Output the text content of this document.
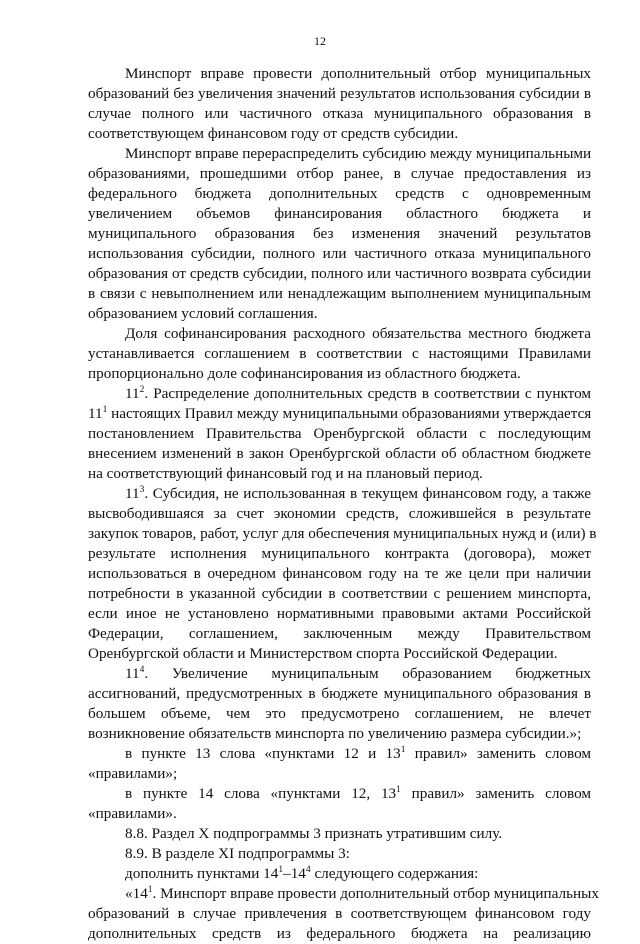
12
Минспорт вправе провести дополнительный отбор муниципальных
образований без увеличения значений результатов использования субсидии в
случае полного или частичного отказа муниципального образования в
соответствующем финансовом году от средств субсидии.
Минспорт вправе перераспределить субсидию между муниципальными
образованиями, прошедшими отбор ранее, в случае предоставления из
федерального бюджета дополнительных средств с одновременным
увеличением объемов финансирования областного бюджета и
муниципального образования без изменения значений результатов
использования субсидии, полного или частичного отказа муниципального
образования от средств субсидии, полного или частичного возврата субсидии
в связи с невыполнением или ненадлежащим выполнением муниципальным
образованием условий соглашения.
Доля софинансирования расходного обязательства местного бюджета
устанавливается соглашением в соответствии с настоящими Правилами
пропорционально доле софинансирования из областного бюджета.
$11^2$. Распределение дополнительных средств в соответствии с пунктом
$11^1$ настоящих Правил между муниципальными образованиями утверждается
постановлением Правительства Оренбургской области с последующим
внесением изменений в закон Оренбургской области об областном бюджете
на соответствующий финансовый год и на плановый период.
$11^3$. Субсидия, не использованная в текущем финансовом году, а также
высвободившаяся за счет экономии средств, сложившейся в результате
закупок товаров, работ, услуг для обеспечения муниципальных нужд и (или) в
результате исполнения муниципального контракта (договора), может
использоваться в очередном финансовом году на те же цели при наличии
потребности в указанной субсидии в соответствии с решением минспорта,
если иное не установлено нормативными правовыми актами Российской
Федерации, соглашением, заключенным между Правительством
Оренбургской области и Министерством спорта Российской Федерации.
$11^4$. Увеличение муниципальным образованием бюджетных
ассигнований, предусмотренных в бюджете муниципального образования в
большем объеме, чем это предусмотрено соглашением, не влечет
возникновение обязательств минспорта по увеличению размера субсидии.»;
в пункте 13 слова «пунктами 12 и $13^1$ правил» заменить словом
«правилами»;
в пункте 14 слова «пунктами 12, $13^1$ правил» заменить словом
«правилами».
8.8. Раздел X подпрограммы 3 признать утратившим силу.
8.9. В разделе XI подпрограммы 3:
дополнить пунктами $14^1-14^4$ следующего содержания:
«$14^1$. Минспорт вправе провести дополнительный отбор муниципальных
образований в случае привлечения в соответствующем финансовом году
дополнительных средств из федерального бюджета на реализацию
